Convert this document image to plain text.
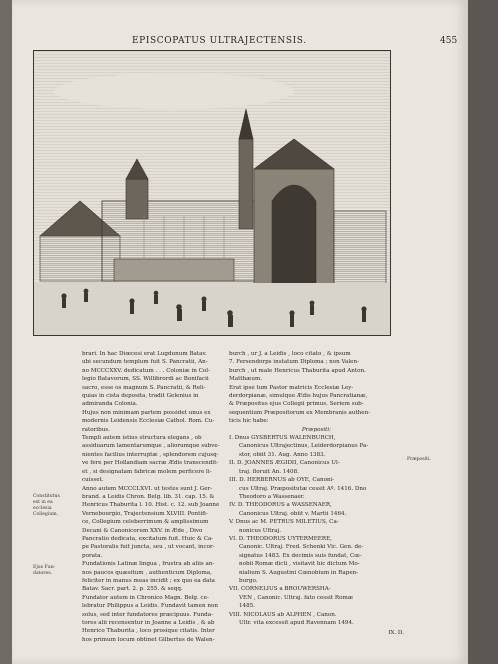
EPISCOPATUS ULTRAJECTENSIS.	455
Præpositi.
Constitutus
est in ea
ecclesia
Collegium.
Ejus Fun-
datores.

brari. In hac Diœcesi erat Lugdunum Batav.

ubi secundum templum fuit S. Pancratii, An-

no MCCCXXV. dedicatum . . . Coloniæ in Col-

legio Batavorum, SS. Willibrordi ac Bonifacii

sacro, esse os magnum S. Pancratii, & Reli-

quias in cista deposita, tradit Gelenius in

admiranda Colonia.

Hujus non minimam partem possidet unus ex

modernis Leidensis Ecclesiæ Cathol. Rom. Cu-

ratoribus.

Templi autem istius structura elegans , ob

assiduarum lamentarumque , aliorumque subve-

nientes facilius interruptæ , splendorem cujusq-

ve fere per Hollandiam sacræ Ædis transcendit-

et , si designatam fabricæ molem perficere li-

cuisset.

Anno autem MCCCLXVI. ut testes sunt J. Ger-

brand. a Leidis Chron. Belg. lib. 31. cap. 15. &

Henricus Thaburita l. 10. Hist. c. 12. sub Joanne

Vernebourgio, Trajectensium XLVIII. Pontifi-

ce, Collegium celeberrimum & amplissimum

Decani & Canonicorum XXV. in Æde , Divo

Pancratio dedicata, excitatum fuit. Huic & Ca-

pe Pastoralis fuit juncta, seu , ut vocant, incor-

porata.

Fundationis Latinæ lingua , frustra ab aliis an-

nos paucos quæsitum , authenticum Diploma,

feliciter in manus meas incidit ; ex quo ea data

Batav. Sacr. part. 2. p. 255. & seqq.

Fundator autem in Chronico Magn. Belg. ce-

lebratur Philippus a Leidis. Fundavit tamen non

solus, sed inter fundatores præcipuus. Funda-

tores alii recensentur in Joanne a Leidis , & ab

Henrico Thaburita , loco prosique citatis. Inter

hos primum locum obtinet Gilbertus de Walen-

burch , ur J. a Leidis , loco citato , & ipsum

7. Fersendorps instatum Diploma ; non Valen-

burch , ut male Henricus Thaburita apud Anton.

Matthæum.

Erat ipse tum Pastor matricis Ecclesiæ Ley-

derdorpianæ, simulque Ædis hujus Pancratianæ,

& Præpositus ejus Collegii primus. Seriem sub-

sequentium Præpositorum ex Membranis authen-

ticis hic habe:

Præpositi:

I. Dnus GYSBERTUS WALENBURCH,

Canonicus Ultrajectinus, Leiderdorpianus Pa-

stor, obiit 31. Aug. Anno 1383.

II. D. JOANNES ÆGIDII, Canonicus Ul-

traj. floruit An. 1408.

III. D. HERBERNUS ab OYE, Canoni-

cus Ultraj. Præpositutæ cessit Aº. 1416. Dno

Theodoro a Wassenaer.

IV. D. THEODORUS a WASSENAER,

Canonicus Ultraj. obiit v. Martii 1464.

V. Dnus ac M. PETRUS MILETIUS, Ca-

nonicus Ultraj.

VI. D. THEODORUS UYTERMEERE,

Canonic. Ultraj. Fred. Schenki Vic. Gen. de-

signatus 1483. Ex decimis suis fundat, Cœ-

nobii Romæ dicti , visitavit hic dictum Mo-

nialium S. Augustini Cœnobium in Rapen-

burgo.

VII. CORNELIUS a BROUWERSHA-

VEN , Canonic. Ultraj. fato cessit Romæ

1485.

VIII. NICOLAUS ab ALPHEN , Canon.

Ultr. vita excessit apud Ravennam 1494.

IX. D.
